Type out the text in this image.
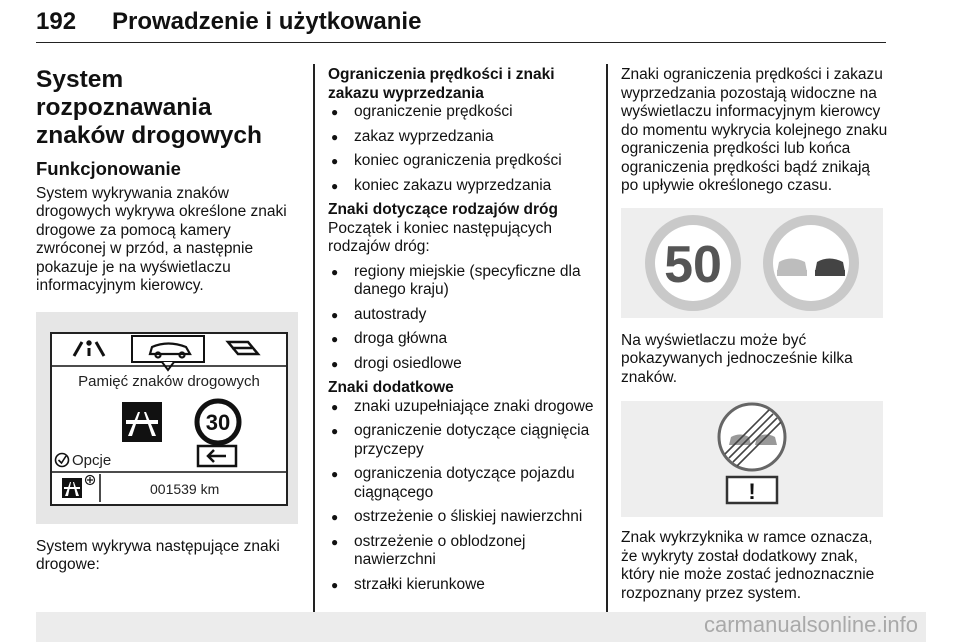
192 Prowadzenie i użytkowanie
System rozpoznawania znaków drogowych
Funkcjonowanie

System wykrywania znaków drogowych wykrywa określone znaki drogowe za pomocą kamery zwróconej w przód, a następnie pokazuje je na wyświetlaczu informacyjnym kierowcy.

Pamięć znaków drogowych
30
Opcje
001539 km

System wykrywa następujące znaki drogowe:

Ograniczenia prędkości i znaki zakazu wyprzedzania
● ograniczenie prędkości
● zakaz wyprzedzania
● koniec ograniczenia prędkości
● koniec zakazu wyprzedzania
Znaki dotyczące rodzajów dróg

Początek i koniec następujących rodzajów dróg:

● regiony miejskie (specyficzne dla danego kraju)
● autostrady
● droga główna
● drogi osiedlowe
Znaki dodatkowe
● znaki uzupełniające znaki drogowe
● ograniczenie dotyczące ciągnięcia przyczepy
● ograniczenia dotyczące pojazdu ciągnącego
● ostrzeżenie o śliskiej nawierzchni
● ostrzeżenie o oblodzonej nawierzchni
● strzałki kierunkowe

Znaki ograniczenia prędkości i zakazu wyprzedzania pozostają widoczne na wyświetlaczu informacyjnym kierowcy do momentu wykrycia kolejnego znaku ograniczenia prędkości lub końca ograniczenia prędkości bądź znikają po upływie określonego czasu.

50

Na wyświetlaczu może być pokazywanych jednocześnie kilka znaków.

!

Znak wykrzyknika w ramce oznacza, że wykryty został dodatkowy znak, który nie może zostać jednoznacznie rozpoznany przez system.

carmanualsonline.info
